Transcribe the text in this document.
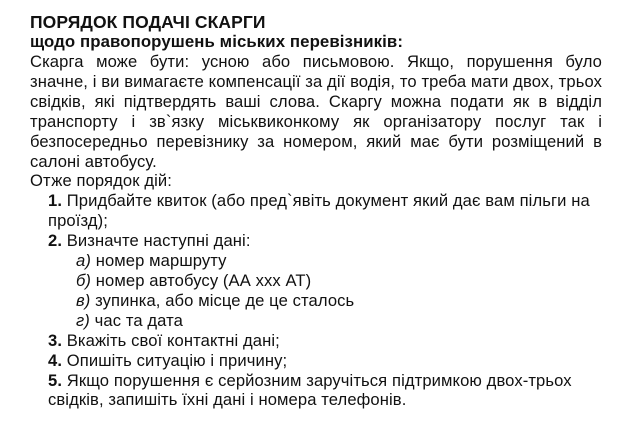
ПОРЯДОК ПОДАЧІ СКАРГИ

щодо правопорушень міських перевізників:

Скарга може бути: усною або письмовою. Якщо, порушення було значне, і ви вимагаєте компенсації за дії водія, то треба мати двох, трьох свідків, які підтвердять ваші слова. Скаргу можна подати як в відділ транспорту і зв`язку міськвиконкому як організатору послуг так і безпосередньо перевізнику за номером, який має бути розміщений в салоні автобусу.

Отже порядок дій:

1. Придбайте квиток (або пред`явіть документ який дає вам пільги на проїзд);

2. Визначте наступні дані:

а) номер маршруту

б) номер автобусу (АА ххх АТ)

в) зупинка, або місце де це сталось

г) час та дата

3. Вкажіть свої контактні дані;

4. Опишіть ситуацію і причину;

5. Якщо порушення є серйозним заручіться підтримкою двох-трьох свідків, запишіть їхні дані і номера телефонів.
